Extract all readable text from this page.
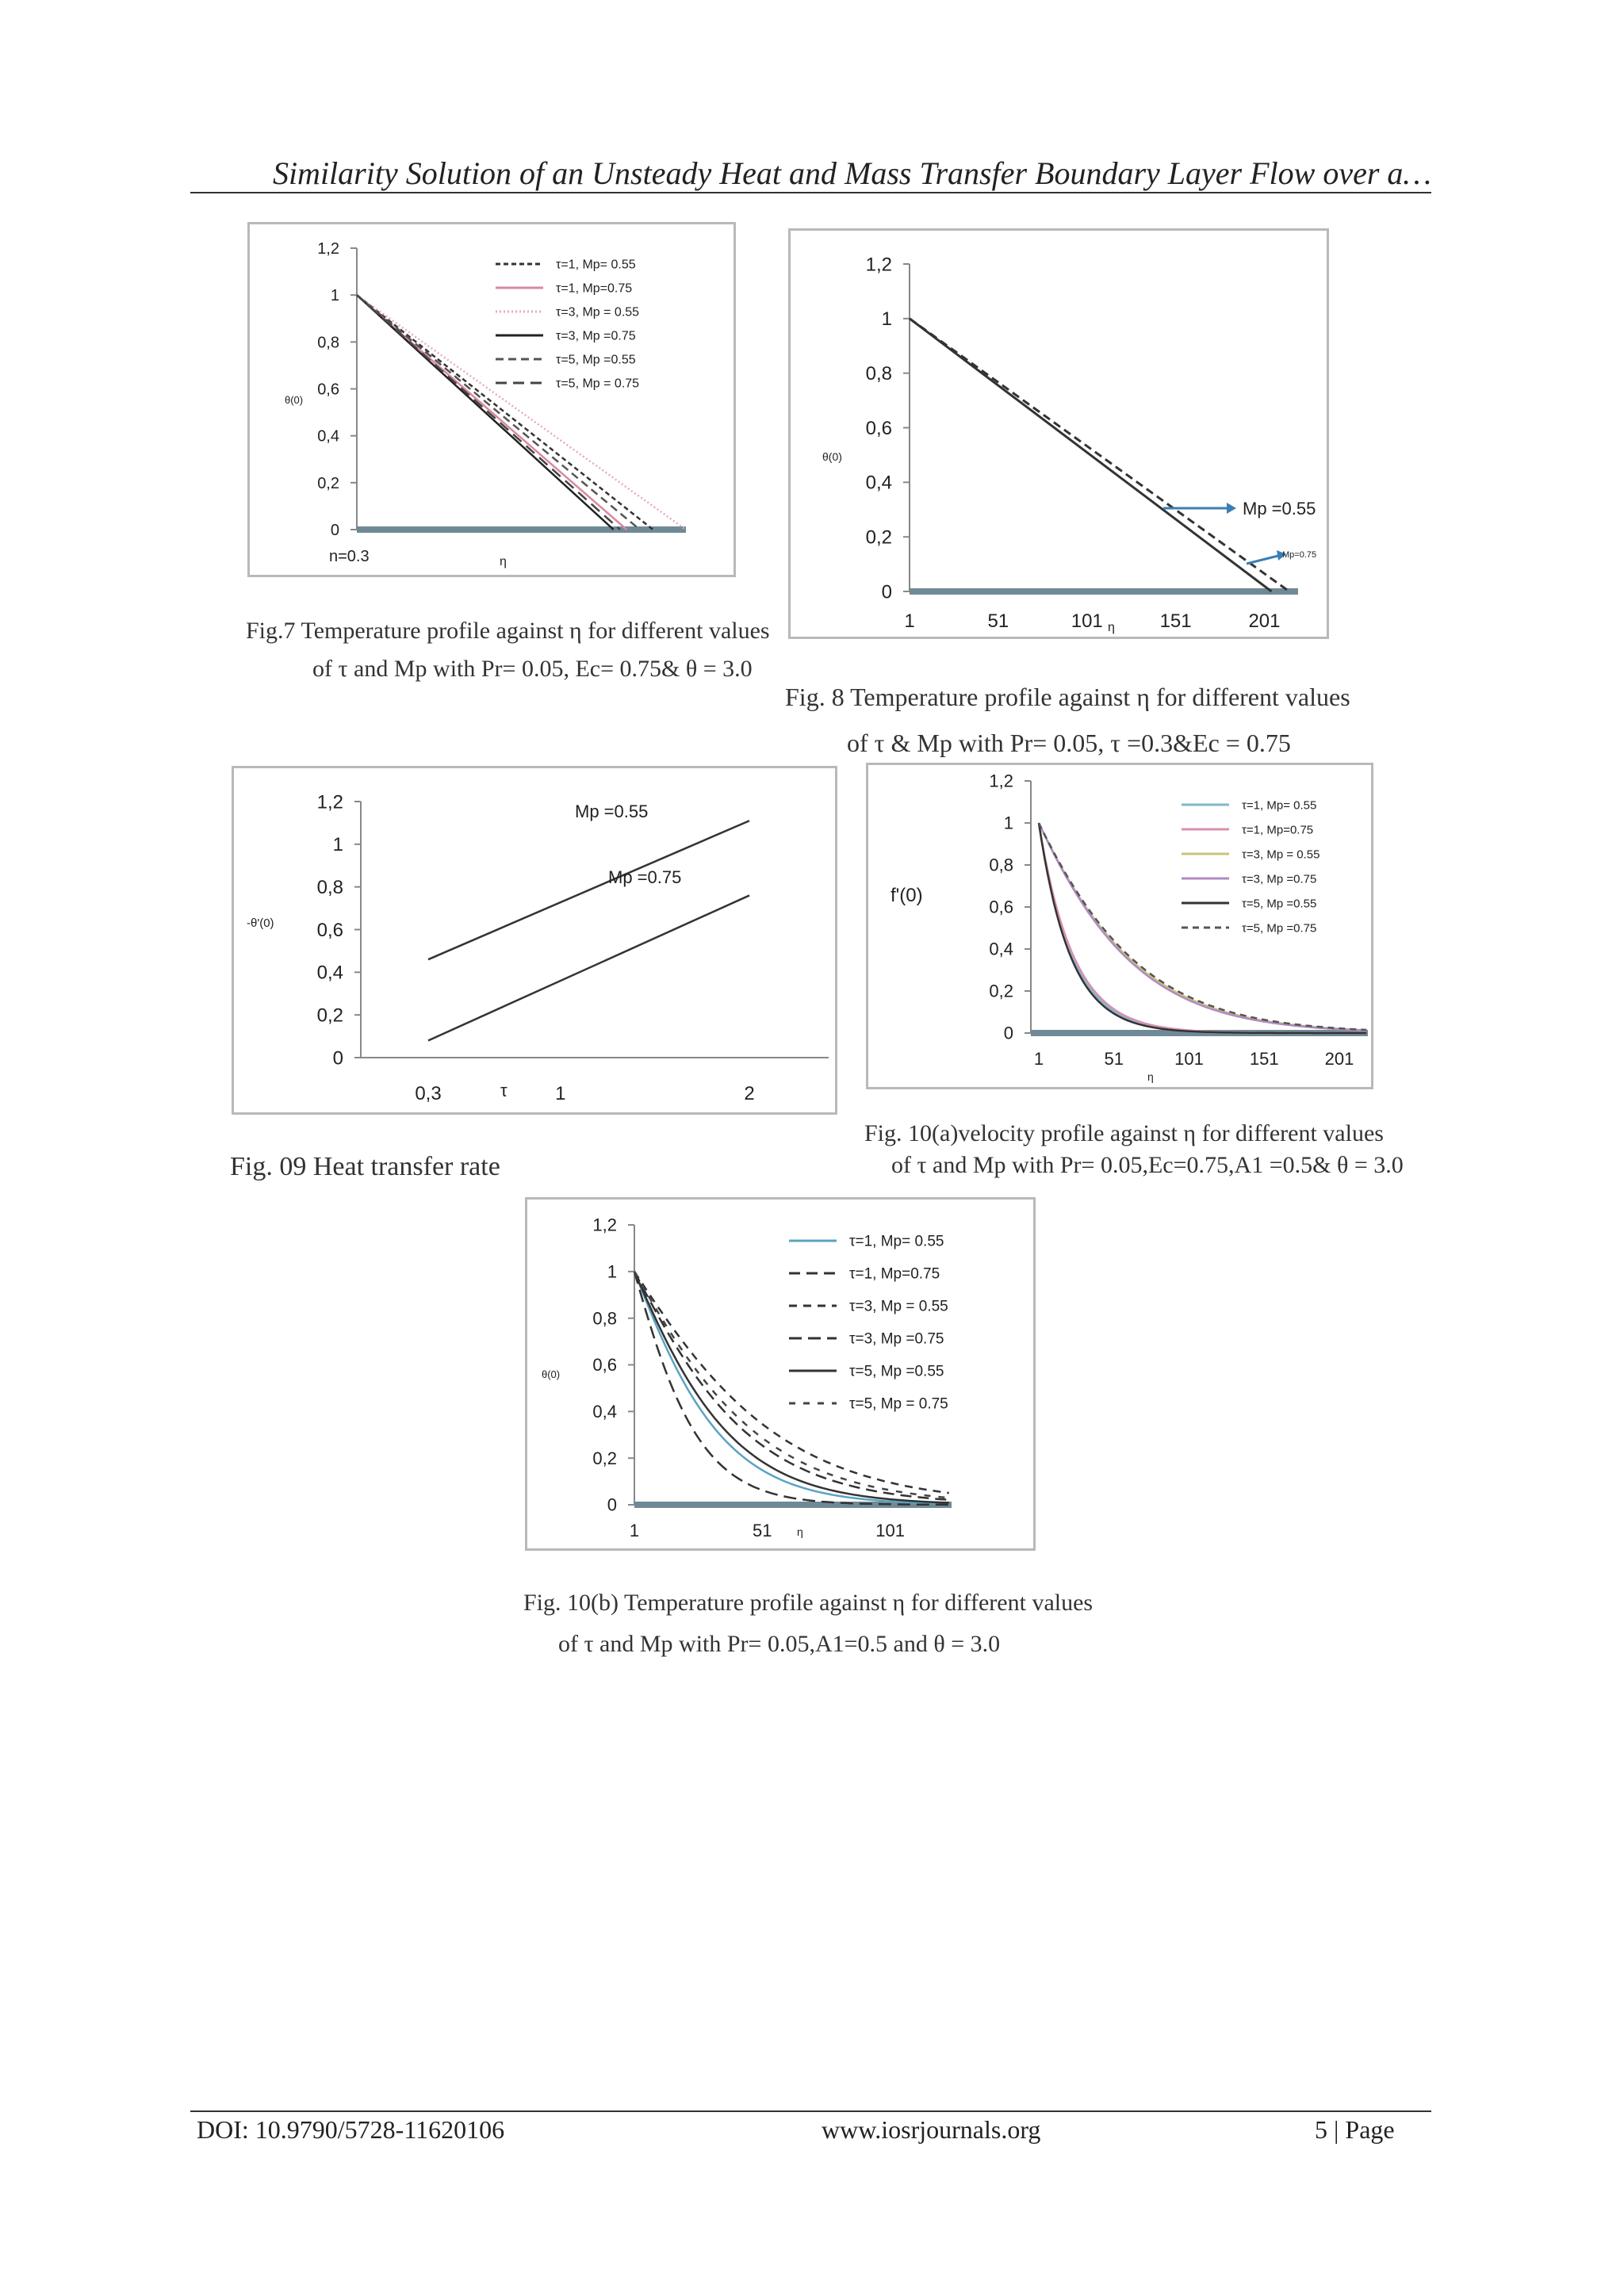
Similarity Solution of an Unsteady Heat and Mass Transfer Boundary Layer Flow over a…
0
0,2
0,4
0,6
0,8
1
1,2
θ(0)
η
n=0.3
τ=1, Mp= 0.55
τ=1, Mp=0.75
τ=3, Mp = 0.55
τ=3, Mp =0.75
τ=5, Mp =0.55
τ=5, Mp = 0.75
Fig.7 Temperature profile against η for different values
of τ and Mp with Pr= 0.05, Ec= 0.75& θ = 3.0
0
0,2
0,4
0,6
0,8
1
1,2
θ(0)
1	51	101	151	201
η
Mp =0.55
Mp=0.75
Fig. 8 Temperature profile against η for different values
of τ & Mp with Pr= 0.05, τ =0.3&Ec = 0.75
0
0,2
0,4
0,6
0,8
1
1,2
-θ'(0)
0,3	1	2
τ
Mp =0.55
Mp =0.75
Fig. 09 Heat transfer rate
0
0,2
0,4
0,6
0,8
1
1,2
f'(0)
1	51	101	151	201
η
τ=1, Mp= 0.55
τ=1, Mp=0.75
τ=3, Mp = 0.55
τ=3, Mp =0.75
τ=5, Mp =0.55
τ=5, Mp =0.75
Fig. 10(a)velocity profile against η for different values
of τ and Mp with Pr= 0.05,Ec=0.75,A1 =0.5& θ = 3.0
0
0,2
0,4
0,6
0,8
1
1,2
θ(0)
1	51	101
η
τ=1, Mp= 0.55
τ=1, Mp=0.75
τ=3, Mp = 0.55
τ=3, Mp =0.75
τ=5, Mp =0.55
τ=5, Mp = 0.75
Fig. 10(b) Temperature profile against η for different values
of τ and Mp with Pr= 0.05,A1=0.5 and θ = 3.0
DOI: 10.9790/5728-11620106	www.iosrjournals.org	5 | Page
